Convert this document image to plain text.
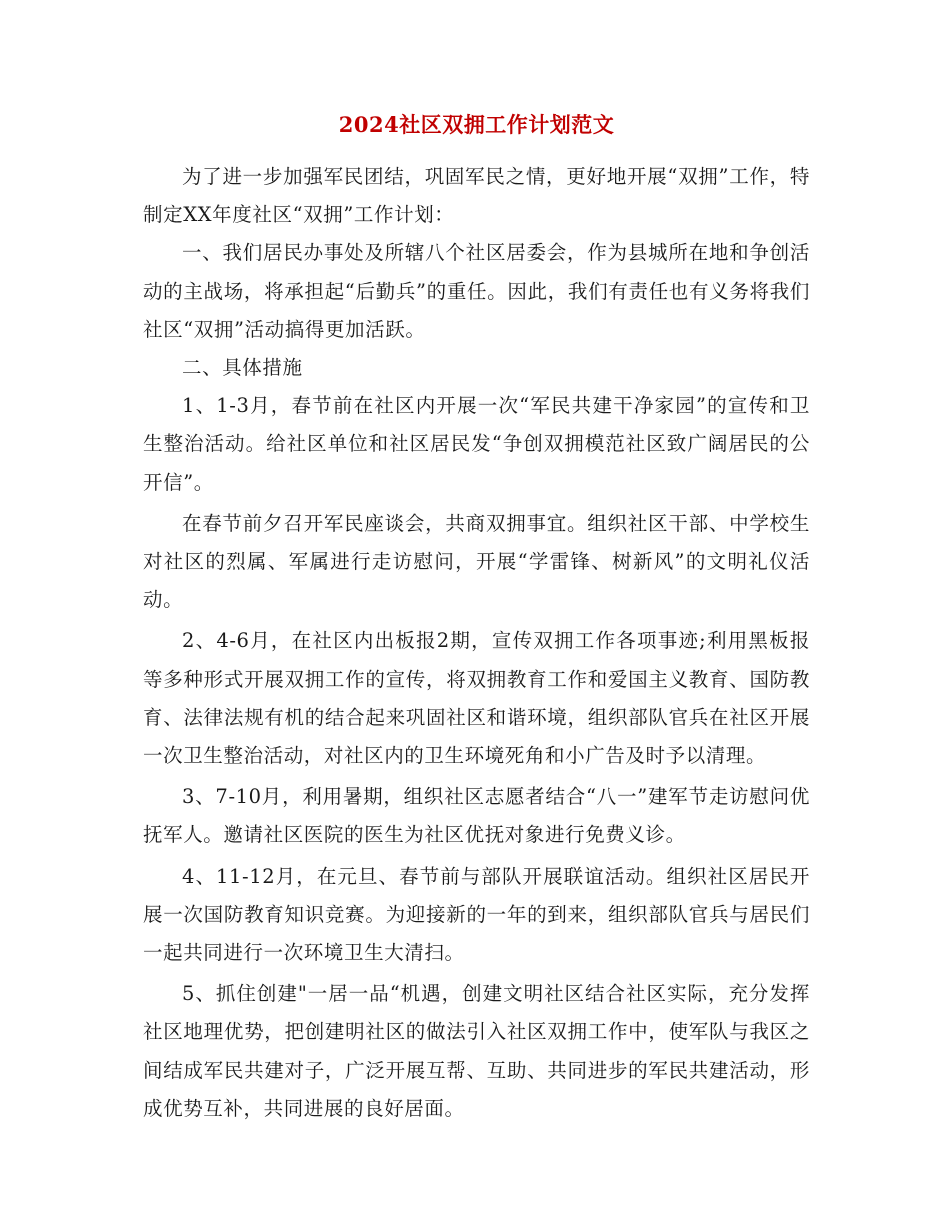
2024社区双拥工作计划范文

为了进一步加强军民团结，巩固军民之情，更好地开展“双拥”工作，特制定XX年度社区“双拥”工作计划：

一、我们居民办事处及所辖八个社区居委会，作为县城所在地和争创活动的主战场，将承担起“后勤兵”的重任。因此，我们有责任也有义务将我们社区“双拥”活动搞得更加活跃。

二、具体措施

1、1-3月，春节前在社区内开展一次“军民共建干净家园”的宣传和卫生整治活动。给社区单位和社区居民发“争创双拥模范社区致广阔居民的公开信”。

在春节前夕召开军民座谈会，共商双拥事宜。组织社区干部、中学校生对社区的烈属、军属进行走访慰问，开展“学雷锋、树新风”的文明礼仪活动。

2、4-6月，在社区内出板报2期，宣传双拥工作各项事迹;利用黑板报等多种形式开展双拥工作的宣传，将双拥教育工作和爱国主义教育、国防教育、法律法规有机的结合起来巩固社区和谐环境，组织部队官兵在社区开展一次卫生整治活动，对社区内的卫生环境死角和小广告及时予以清理。

3、7-10月，利用暑期，组织社区志愿者结合“八一”建军节走访慰问优抚军人。邀请社区医院的医生为社区优抚对象进行免费义诊。

4、11-12月，在元旦、春节前与部队开展联谊活动。组织社区居民开展一次国防教育知识竞赛。为迎接新的一年的到来，组织部队官兵与居民们一起共同进行一次环境卫生大清扫。

5、抓住创建"一居一品“机遇，创建文明社区结合社区实际，充分发挥社区地理优势，把创建明社区的做法引入社区双拥工作中，使军队与我区之间结成军民共建对子，广泛开展互帮、互助、共同进步的军民共建活动，形成优势互补，共同进展的良好居面。
